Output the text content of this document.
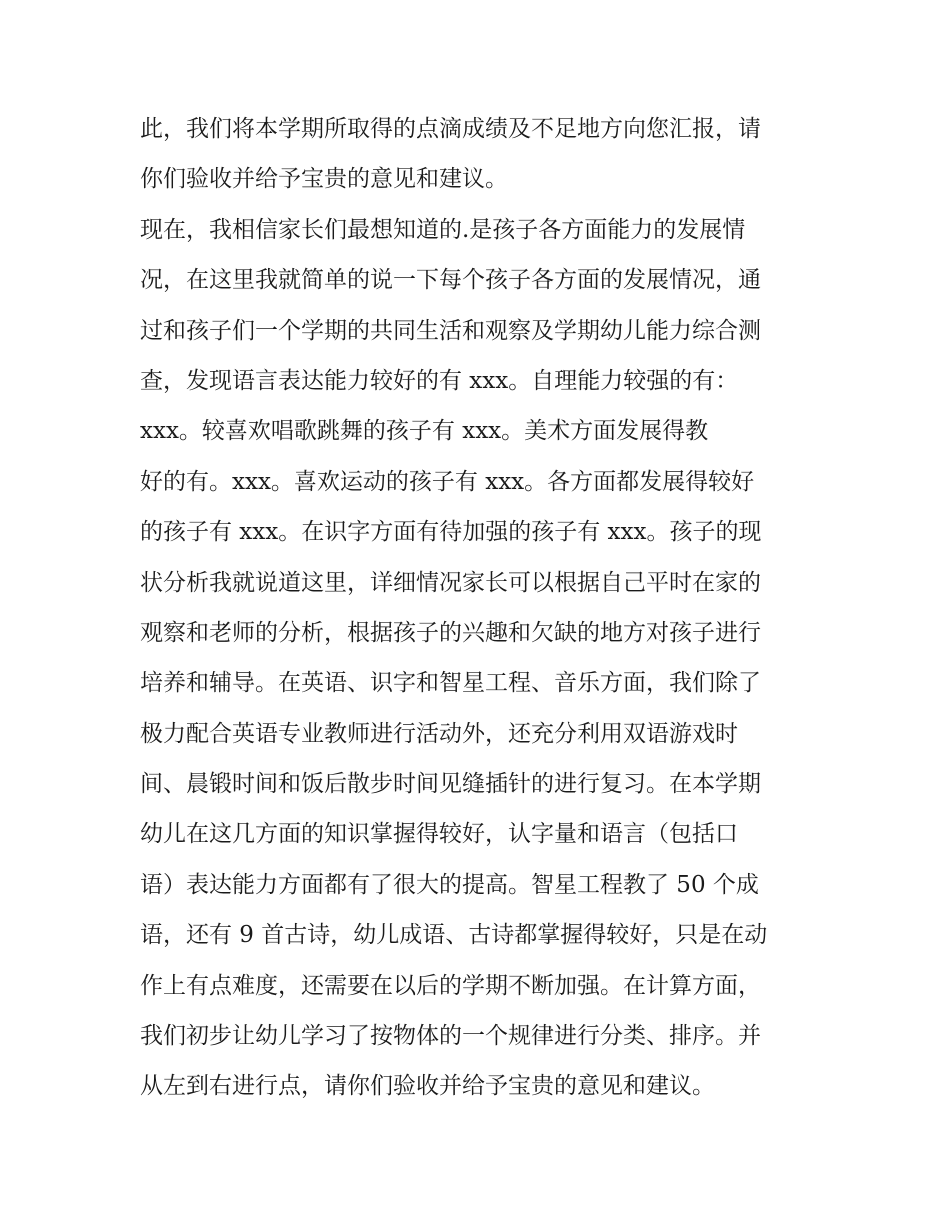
此，我们将本学期所取得的点滴成绩及不足地方向您汇报，请
你们验收并给予宝贵的意见和建议。
现在，我相信家长们最想知道的.是孩子各方面能力的发展情
况，在这里我就简单的说一下每个孩子各方面的发展情况，通
过和孩子们一个学期的共同生活和观察及学期幼儿能力综合测
查，发现语言表达能力较好的有 xxx。自理能力较强的有：
xxx。较喜欢唱歌跳舞的孩子有 xxx。美术方面发展得教
好的有。xxx。喜欢运动的孩子有 xxx。各方面都发展得较好
的孩子有 xxx。在识字方面有待加强的孩子有 xxx。孩子的现
状分析我就说道这里，详细情况家长可以根据自己平时在家的
观察和老师的分析，根据孩子的兴趣和欠缺的地方对孩子进行
培养和辅导。在英语、识字和智星工程、音乐方面，我们除了
极力配合英语专业教师进行活动外，还充分利用双语游戏时
间、晨锻时间和饭后散步时间见缝插针的进行复习。在本学期
幼儿在这几方面的知识掌握得较好，认字量和语言（包括口
语）表达能力方面都有了很大的提高。智星工程教了 50 个成
语，还有 9 首古诗，幼儿成语、古诗都掌握得较好，只是在动
作上有点难度，还需要在以后的学期不断加强。在计算方面，
我们初步让幼儿学习了按物体的一个规律进行分类、排序。并
从左到右进行点，请你们验收并给予宝贵的意见和建议。
